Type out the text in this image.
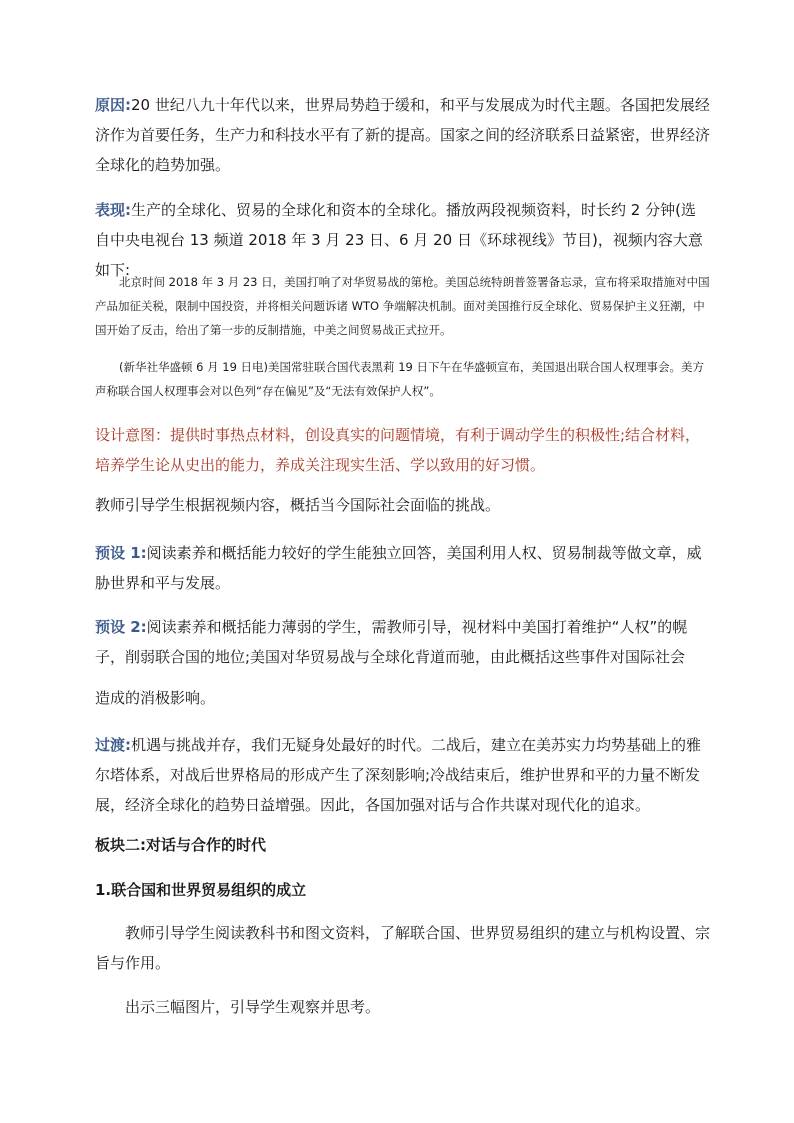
原因:20 世纪八九十年代以来，世界局势趋于缓和，和平与发展成为时代主题。各国把发展经济作为首要任务，生产力和科技水平有了新的提高。国家之间的经济联系日益紧密，世界经济全球化的趋势加强。

表现:生产的全球化、贸易的全球化和资本的全球化。播放两段视频资料，时长约 2 分钟(选自中央电视台 13 频道 2018 年 3 月 23 日、6 月 20 日《环球视线》节目)，视频内容大意如下:

北京时间 2018 年 3 月 23 日，美国打响了对华贸易战的第枪。美国总统特朗普签署备忘录，宣布将采取措施对中国产品加征关税，限制中国投资，并将相关问题诉诸 WTO 争端解决机制。面对美国推行反全球化、贸易保护主义狂潮，中国开始了反击，给出了第一步的反制措施，中美之间贸易战正式拉开。

(新华社华盛顿 6 月 19 日电)美国常驻联合国代表黑莉 19 日下午在华盛顿宣布，美国退出联合国人权理事会。美方声称联合国人权理事会对以色列“存在偏见”及“无法有效保护人权”。

设计意图：提供时事热点材料，创设真实的问题情境，有利于调动学生的积极性;结合材料，培养学生论从史出的能力，养成关注现实生活、学以致用的好习惯。

教师引导学生根据视频内容，概括当今国际社会面临的挑战。

预设 1:阅读素养和概括能力较好的学生能独立回答，美国利用人权、贸易制裁等做文章，威胁世界和平与发展。

预设 2:阅读素养和概括能力薄弱的学生，需教师引导，视材料中美国打着维护“人权”的幌子，削弱联合国的地位;美国对华贸易战与全球化背道而驰，由此概括这些事件对国际社会

造成的消极影响。

过渡:机遇与挑战并存，我们无疑身处最好的时代。二战后，建立在美苏实力均势基础上的雅尔塔体系，对战后世界格局的形成产生了深刻影响;冷战结束后，维护世界和平的力量不断发展，经济全球化的趋势日益增强。因此，各国加强对话与合作共谋对现代化的追求。

板块二:对话与合作的时代

1.联合国和世界贸易组织的成立

教师引导学生阅读教科书和图文资料，了解联合国、世界贸易组织的建立与机构设置、宗旨与作用。

出示三幅图片，引导学生观察并思考。
